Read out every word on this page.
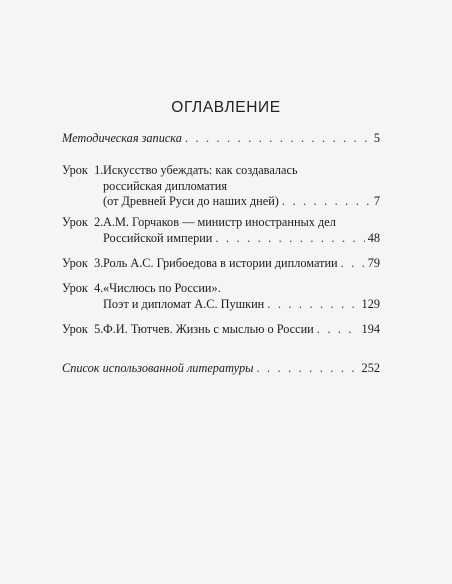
ОГЛАВЛЕНИЕ
Методическая записка . . .	5
Урок 1. Искусство убеждать: как создавалась
российская дипломатия
(от Древней Руси до наших дней) . . .	7
Урок 2. А.М. Горчаков — министр иностранных дел
Российской империи . . .	48
Урок 3. Роль А.С. Грибоедова в истории дипломатии . . . 79
Урок 4. «Числюсь по России».
Поэт и дипломат А.С. Пушкин . . .	129
Урок 5. Ф.И. Тютчев. Жизнь с мыслью о России . . .	194
Список использованной литературы . . .	252
